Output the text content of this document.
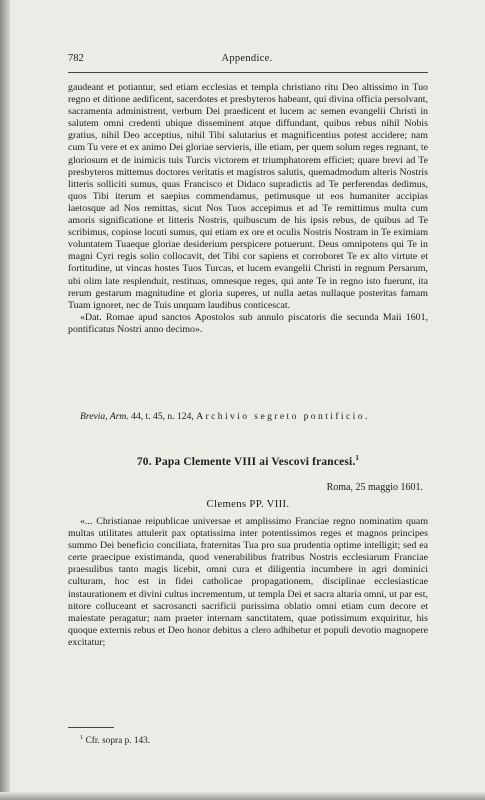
782	Appendice.

gaudeant et potiantur, sed etiam ecclesias et templa christiano ritu Deo altissimo in Tuo regno et ditione aedificent, sacerdotes et presbyteros habeant, qui divina officia persolvant, sacramenta administrent, verbum Dei praedicent et lucem ac semen evangelii Christi in salutem omni credenti ubique disseminent atque diffundant, quibus rebus nihil Nobis gratius, nihil Deo acceptius, nihil Tibi salutarius et magnificentius potest accidere; nam cum Tu vere et ex animo Dei gloriae servieris, ille etiam, per quem solum reges regnant, te gloriosum et de inimicis tuis Turcis victorem et triumphatorem efficiet; quare brevi ad Te presbyteros mittemus doctores veritatis et magistros salutis, quemadmodum alteris Nostris litteris solliciti sumus, quas Francisco et Didaco supradictis ad Te perferendas dedimus, quos Tibi iterum et saepius commendamus, petimusque ut eos humaniter accipias laetosque ad Nos remittas, sicut Nos Tuos accepimus et ad Te remittimus multa cum amoris significatione et litteris Nostris, quibuscum de his ipsis rebus, de quibus ad Te scribimus, copiose locuti sumus, qui etiam ex ore et oculis Nostris Nostram in Te eximiam voluntatem Tuaeque gloriae desiderium perspicere potuerunt. Deus omnipotens qui Te in magni Cyri regis solio collocavit, det Tibi cor sapiens et corroboret Te ex alto virtute et fortitudine, ut vincas hostes Tuos Turcas, et lucem evangelii Christi in regnum Persarum, ubi olim late resplenduit, restituas, omnesque reges, qui ante Te in regno isto fuerunt, ita rerum gestarum magnitudine et gloria superes, ut nulla aetas nullaque posteritas famam Tuam ignoret, nec de Tuis unquam laudibus conticescat.

«Dat. Romae apud sanctos Apostolos sub annulo piscatoris die secunda Maii 1601, pontificatus Nostri anno decimo».

Brevia, Arm. 44, t. 45, n. 124, Archivio segreto pontificio.
70. Papa Clemente VIII ai Vescovi francesi.$^1$
Roma, 25 maggio 1601.
Clemens PP. VIII.

«... Christianae reipublicae universae et amplissimo Franciae regno nominatim quam multas utilitates attulerit pax optatissima inter potentissimos reges et magnos principes summo Dei beneficio conciliata, fraternitas Tua pro sua prudentia optime intelligit; sed ea certe praecipue existimanda, quod venerabilibus fratribus Nostris ecclesiarum Franciae praesulibus tanto magis licebit, omni cura et diligentia incumbere in agri dominici culturam, hoc est in fidei catholicae propagationem, disciplinae ecclesiasticae instaurationem et divini cultus incrementum, ut templa Dei et sacra altaria omni, ut par est, nitore colluceant et sacrosancti sacrificii purissima oblatio omni etiam cum decore et maiestate peragatur; nam praeter internam sanctitatem, quae potissimum exquiritur, his quoque externis rebus et Deo honor debitus a clero adhibetur et populi devotio magnopere excitatur;

$^1$ Cfr. sopra p. 143.
